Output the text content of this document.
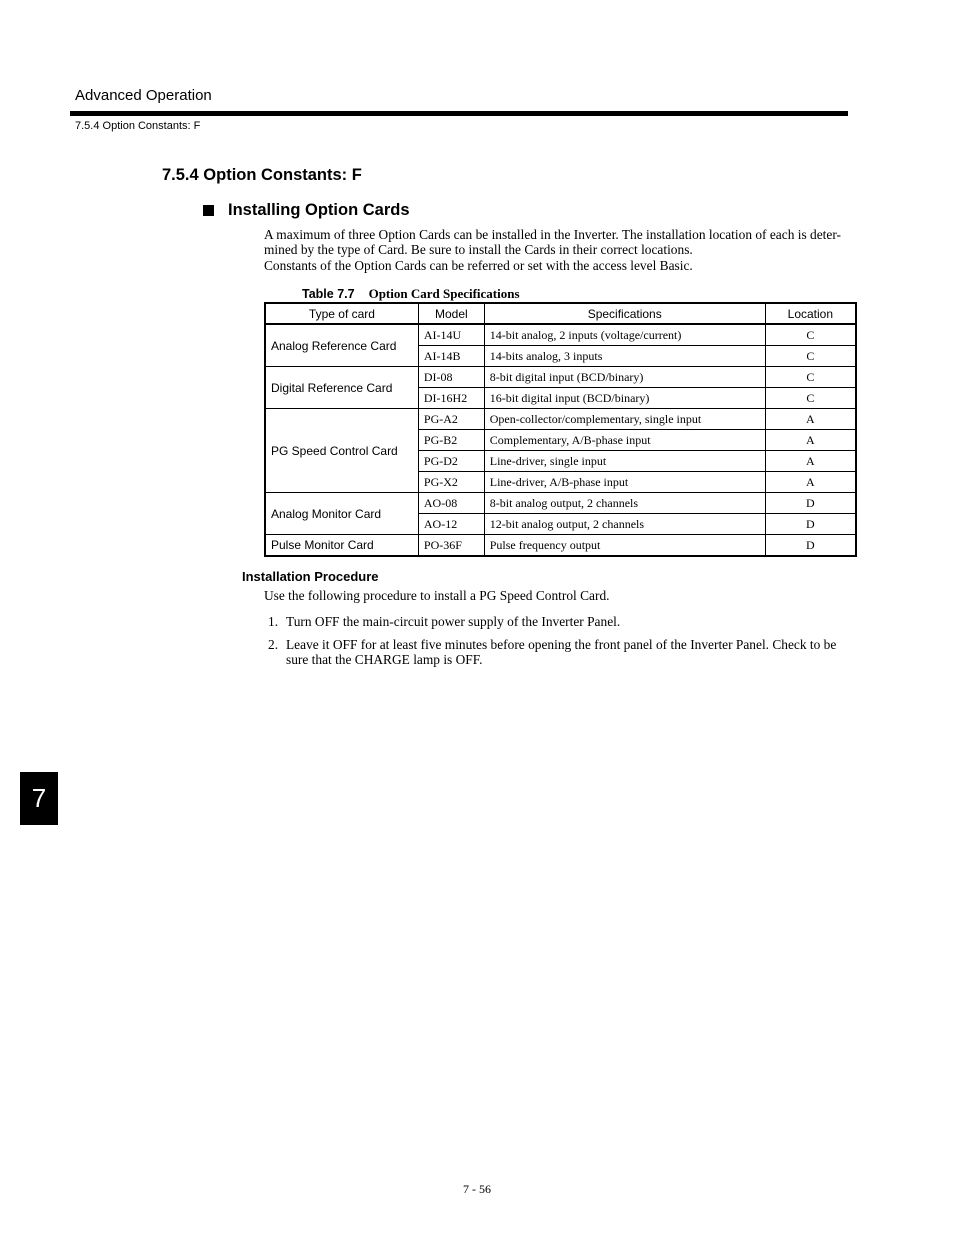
Advanced Operation
7.5.4 Option Constants: F
7.5.4 Option Constants: F
Installing Option Cards
A maximum of three Option Cards can be installed in the Inverter. The installation location of each is deter-mined by the type of Card. Be sure to install the Cards in their correct locations.
Constants of the Option Cards can be referred or set with the access level Basic.
Table 7.7 Option Card Specifications
Type of card	Model	Specifications	Location
Analog Reference Card	AI-14U	14-bit analog, 2 inputs (voltage/current)	C
	AI-14B	14-bits analog, 3 inputs	C
Digital Reference Card	DI-08	8-bit digital input (BCD/binary)	C
	DI-16H2	16-bit digital input (BCD/binary)	C
PG Speed Control Card	PG-A2	Open-collector/complementary, single input	A
	PG-B2	Complementary, A/B-phase input	A
	PG-D2	Line-driver, single input	A
	PG-X2	Line-driver, A/B-phase input	A
Analog Monitor Card	AO-08	8-bit analog output, 2 channels	D
	AO-12	12-bit analog output, 2 channels	D
Pulse Monitor Card	PO-36F	Pulse frequency output	D
Installation Procedure
Use the following procedure to install a PG Speed Control Card.
1. Turn OFF the main-circuit power supply of the Inverter Panel.
2. Leave it OFF for at least five minutes before opening the front panel of the Inverter Panel. Check to be sure that the CHARGE lamp is OFF.
7
7 - 56
